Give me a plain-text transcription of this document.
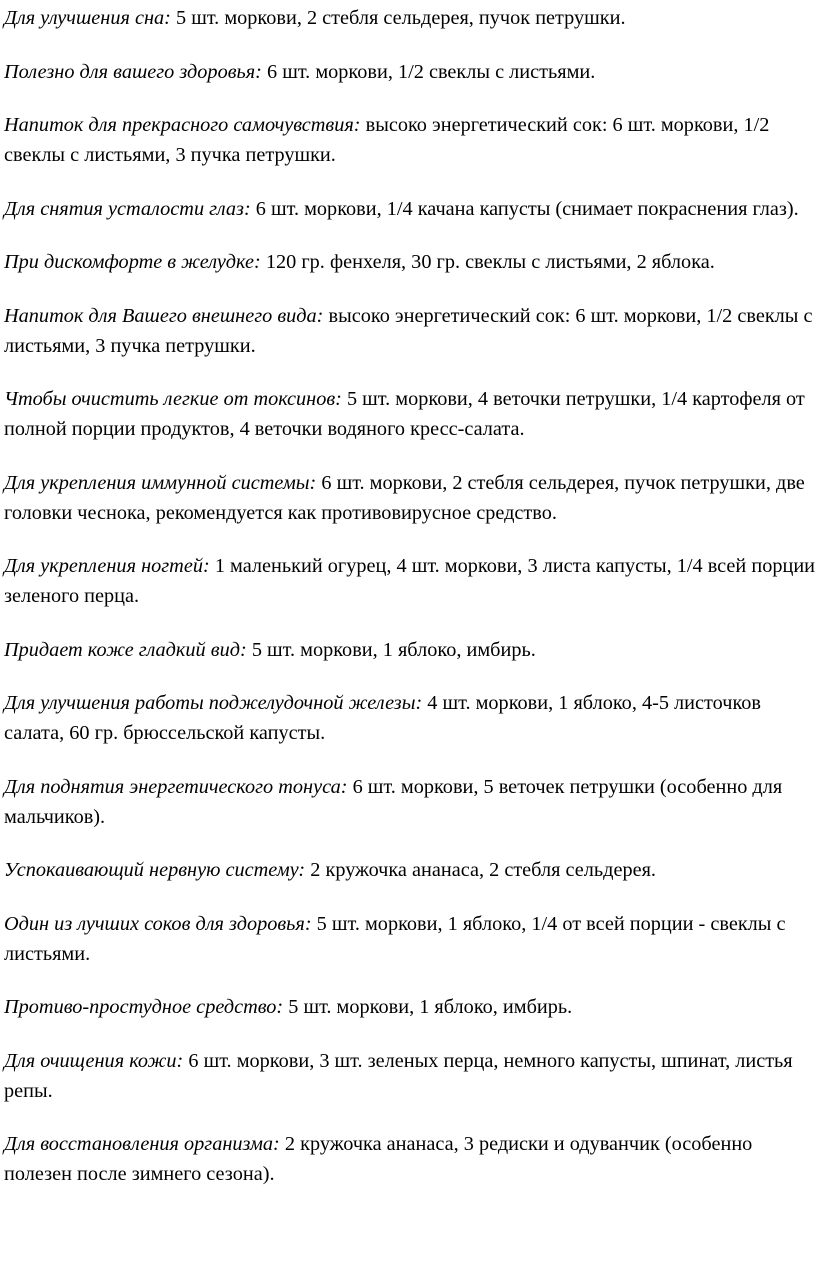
Для улучшения сна: 5 шт. моркови, 2 стебля сельдерея, пучок петрушки.

Полезно для вашего здоровья: 6 шт. моркови, 1/2 свеклы с листьями.

Напиток для прекрасного самочувствия: высоко энергетический сок: 6 шт. моркови, 1/2 свеклы с листьями, 3 пучка петрушки.

Для снятия усталости глаз: 6 шт. моркови, 1/4 качана капусты (снимает покраснения глаз).

При дискомфорте в желудке: 120 гр. фенхеля, 30 гр. свеклы с листьями, 2 яблока.

Напиток для Вашего внешнего вида: высоко энергетический сок: 6 шт. моркови, 1/2 свеклы с листьями, 3 пучка петрушки.

Чтобы очистить легкие от токсинов: 5 шт. моркови, 4 веточки петрушки, 1/4 картофеля от полной порции продуктов, 4 веточки водяного кресс-салата.

Для укрепления иммунной системы: 6 шт. моркови, 2 стебля сельдерея, пучок петрушки, две головки чеснока, рекомендуется как противовирусное средство.

Для укрепления ногтей: 1 маленький огурец, 4 шт. моркови, 3 листа капусты, 1/4 всей порции зеленого перца.

Придает коже гладкий вид: 5 шт. моркови, 1 яблоко, имбирь.

Для улучшения работы поджелудочной железы: 4 шт. моркови, 1 яблоко, 4-5 листочков салата, 60 гр. брюссельской капусты.

Для поднятия энергетического тонуса: 6 шт. моркови, 5 веточек петрушки (особенно для мальчиков).

Успокаивающий нервную систему: 2 кружочка ананаса, 2 стебля сельдерея.

Один из лучших соков для здоровья: 5 шт. моркови, 1 яблоко, 1/4 от всей порции - свеклы с листьями.

Противо-простудное средство: 5 шт. моркови, 1 яблоко, имбирь.

Для очищения кожи: 6 шт. моркови, 3 шт. зеленых перца, немного капусты, шпинат, листья репы.

Для восстановления организма: 2 кружочка ананаса, 3 редиски и одуванчик (особенно полезен после зимнего сезона).
